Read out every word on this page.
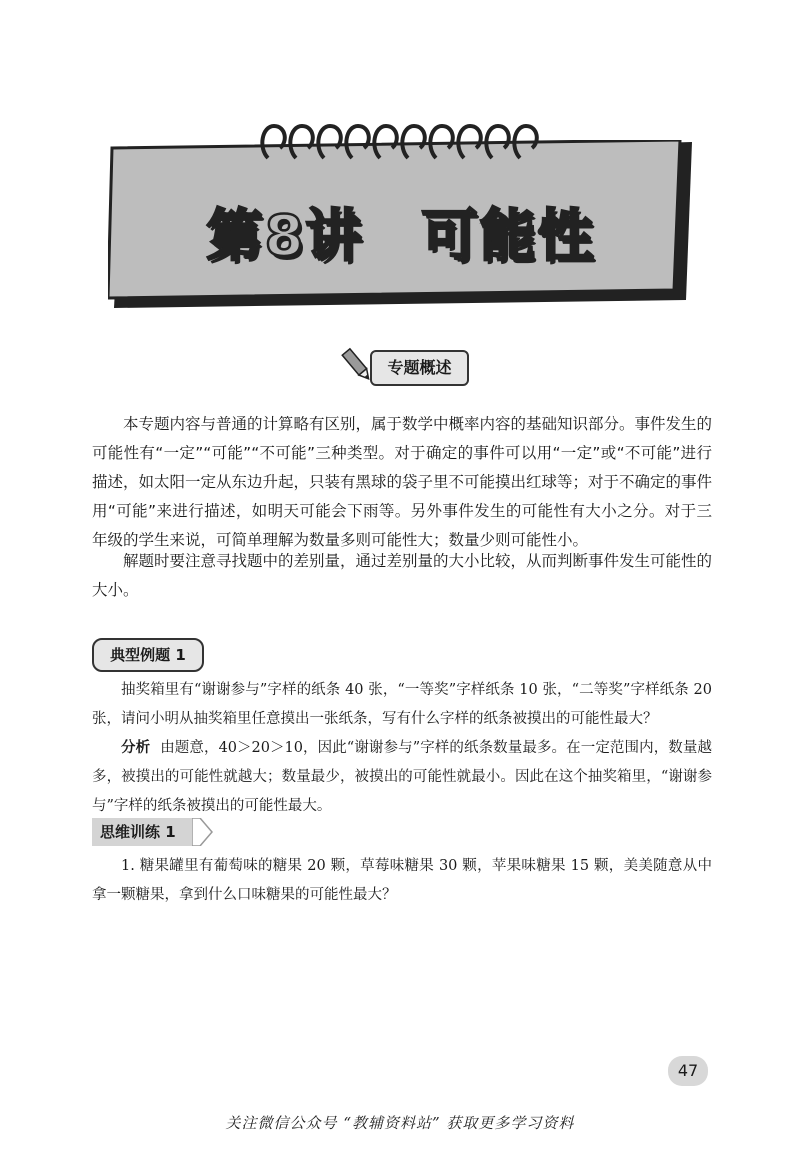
第8讲　可能性
专题概述

本专题内容与普通的计算略有区别，属于数学中概率内容的基础知识部分。事件发生的可能性有“一定”“可能”“不可能”三种类型。对于确定的事件可以用“一定”或“不可能”进行描述，如太阳一定从东边升起，只装有黑球的袋子里不可能摸出红球等；对于不确定的事件用“可能”来进行描述，如明天可能会下雨等。另外事件发生的可能性有大小之分。对于三年级的学生来说，可简单理解为数量多则可能性大；数量少则可能性小。

解题时要注意寻找题中的差别量，通过差别量的大小比较，从而判断事件发生可能性的大小。

典型例题 1

抽奖箱里有“谢谢参与”字样的纸条 40 张，“一等奖”字样纸条 10 张，“二等奖”字样纸条 20 张，请问小明从抽奖箱里任意摸出一张纸条，写有什么字样的纸条被摸出的可能性最大？

分析 由题意，40＞20＞10，因此“谢谢参与”字样的纸条数量最多。在一定范围内，数量越多，被摸出的可能性就越大；数量最少，被摸出的可能性就最小。因此在这个抽奖箱里，“谢谢参与”字样的纸条被摸出的可能性最大。

思维训练 1

1. 糖果罐里有葡萄味的糖果 20 颗，草莓味糖果 30 颗，苹果味糖果 15 颗，美美随意从中拿一颗糖果，拿到什么口味糖果的可能性最大？

47
关注微信公众号 “教辅资料站” 获取更多学习资料
